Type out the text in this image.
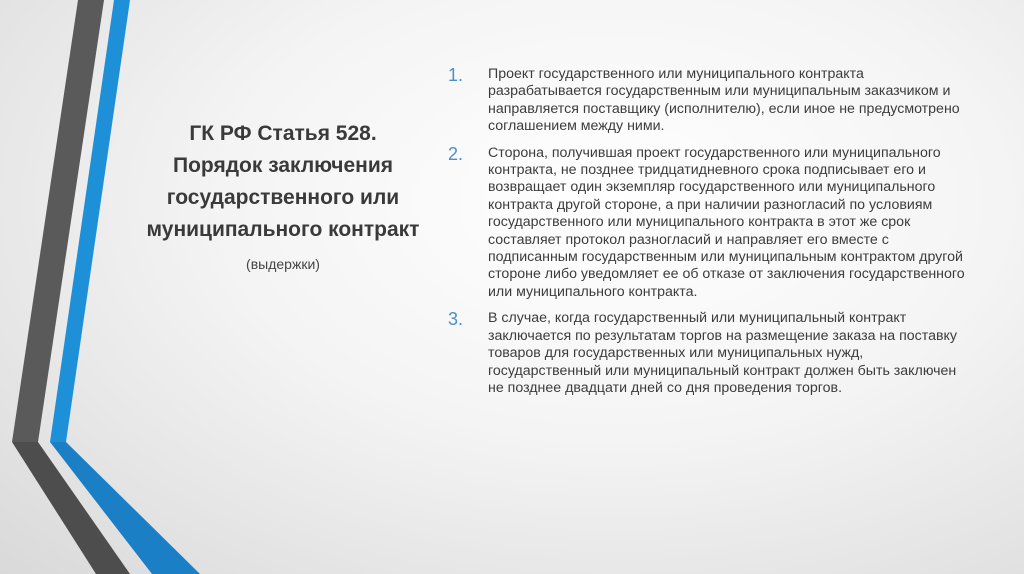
ГК РФ Статья 528.
Порядок заключения
государственного или
муниципального контракт
(выдержки)
1.	Проект государственного или муниципального контракта разрабатывается государственным или муниципальным заказчиком и направляется поставщику (исполнителю), если иное не предусмотрено соглашением между ними.
2.	Сторона, получившая проект государственного или муниципального контракта, не позднее тридцатидневного срока подписывает его и возвращает один экземпляр государственного или муниципального контракта другой стороне, а при наличии разногласий по условиям государственного или муниципального контракта в этот же срок составляет протокол разногласий и направляет его вместе с подписанным государственным или муниципальным контрактом другой стороне либо уведомляет ее об отказе от заключения государственного или муниципального контракта.
3.	В случае, когда государственный или муниципальный контракт заключается по результатам торгов на размещение заказа на поставку товаров для государственных или муниципальных нужд, государственный или муниципальный контракт должен быть заключен не позднее двадцати дней со дня проведения торгов.
